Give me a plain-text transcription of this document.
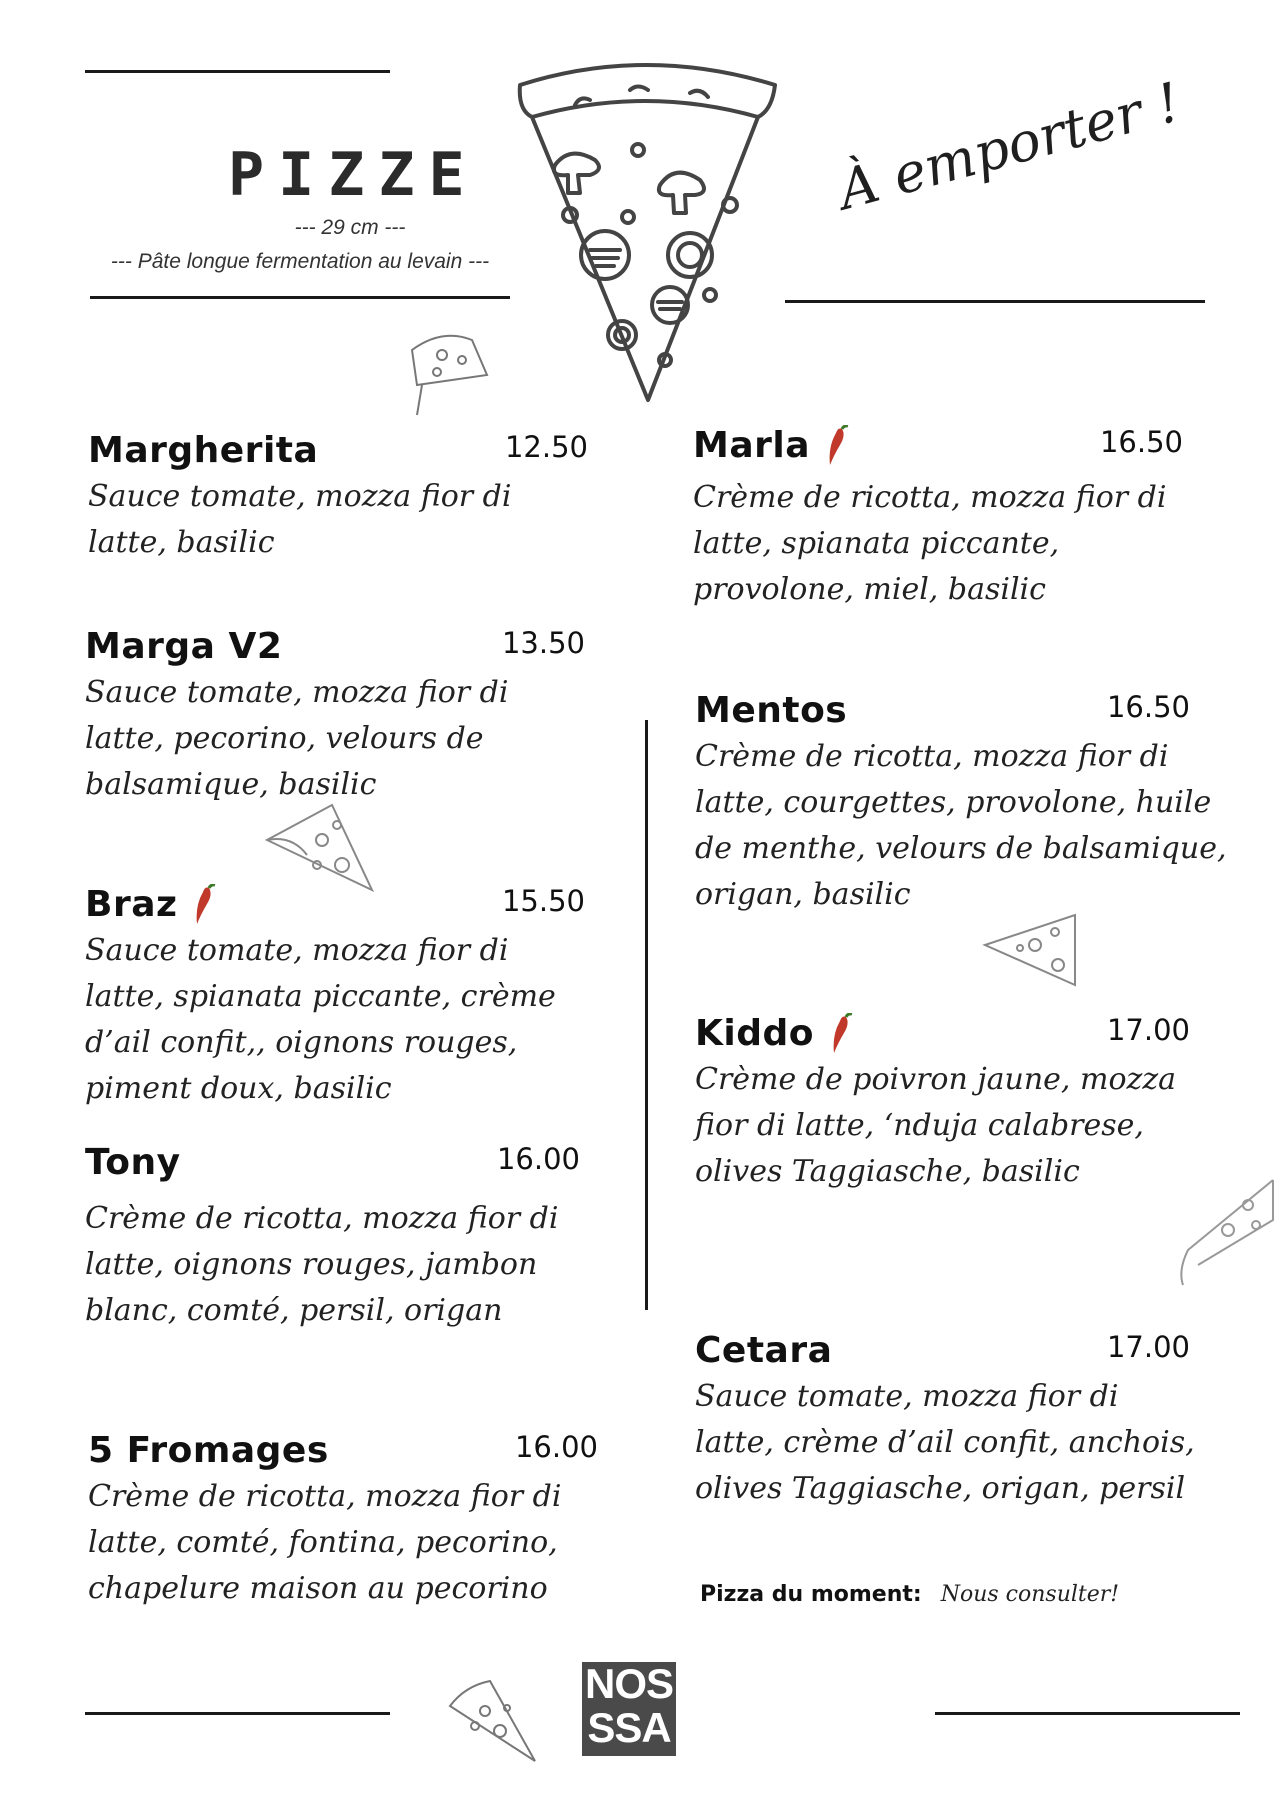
PIZZE
--- 29 cm ---
--- Pâte longue fermentation au levain ---
À emporter !
Margherita	12.50
Sauce tomate, mozza fior di latte, basilic
Marga V2	13.50
Sauce tomate, mozza fior di latte, pecorino, velours de balsamique, basilic
Braz	15.50
Sauce tomate, mozza fior di latte, spianata piccante, crème d’ail confit,, oignons rouges, piment doux, basilic
Tony	16.00
Crème de ricotta, mozza fior di latte, oignons rouges, jambon blanc, comté, persil, origan
5 Fromages	16.00
Crème de ricotta, mozza fior di latte, comté, fontina, pecorino, chapelure maison au pecorino
Marla	16.50
Crème de ricotta, mozza fior di latte, spianata piccante, provolone, miel, basilic
Mentos	16.50
Crème de ricotta, mozza fior di latte, courgettes, provolone, huile de menthe, velours de balsamique, origan, basilic
Kiddo	17.00
Crème de poivron jaune, mozza fior di latte, ‘nduja calabrese, olives Taggiasche, basilic
Cetara	17.00
Sauce tomate, mozza fior di latte, crème d’ail confit, anchois, olives Taggiasche, origan, persil
Pizza du moment: Nous consulter!
NOS
SSA
